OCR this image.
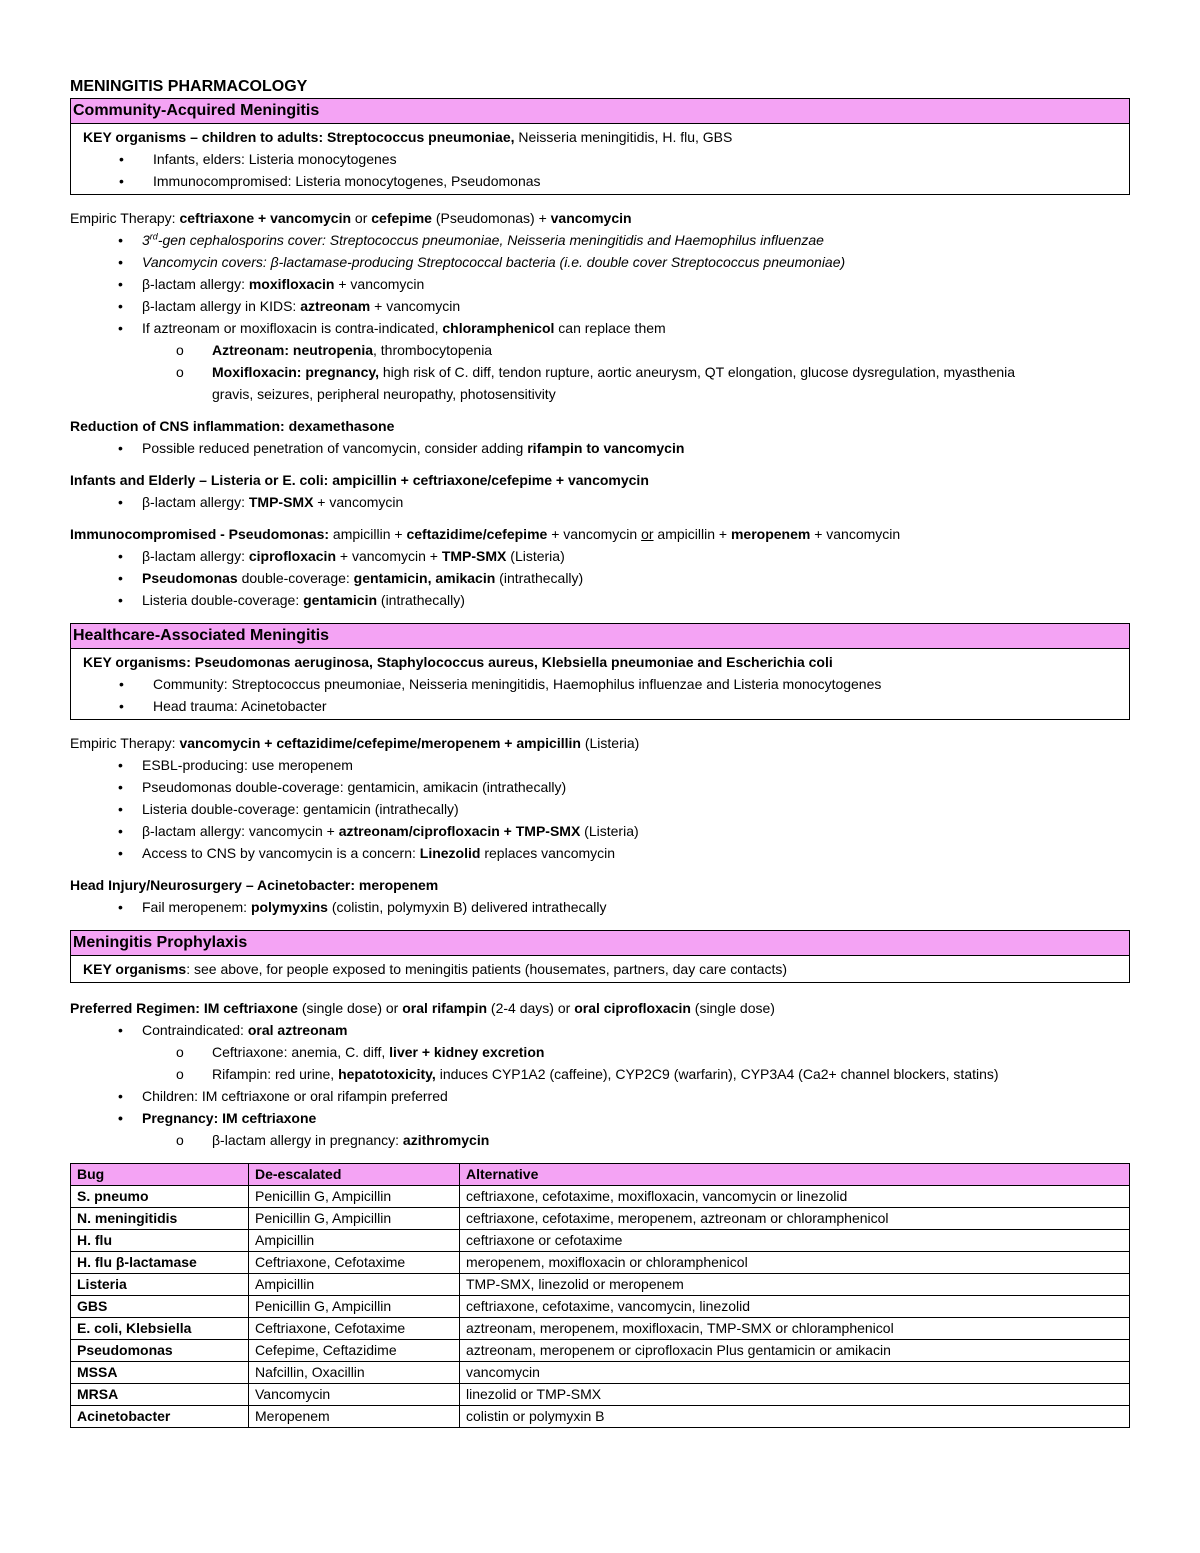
MENINGITIS PHARMACOLOGY
Community-Acquired Meningitis
KEY organisms – children to adults: Streptococcus pneumoniae, Neisseria meningitidis, H. flu, GBS
• Infants, elders: Listeria monocytogenes
• Immunocompromised: Listeria monocytogenes, Pseudomonas
Empiric Therapy: ceftriaxone + vancomycin or cefepime (Pseudomonas) + vancomycin
• 3rd-gen cephalosporins cover: Streptococcus pneumoniae, Neisseria meningitidis and Haemophilus influenzae
• Vancomycin covers: β-lactamase-producing Streptococcal bacteria (i.e. double cover Streptococcus pneumoniae)
• β-lactam allergy: moxifloxacin + vancomycin
• β-lactam allergy in KIDS: aztreonam + vancomycin
• If aztreonam or moxifloxacin is contra-indicated, chloramphenicol can replace them
o Aztreonam: neutropenia, thrombocytopenia
o Moxifloxacin: pregnancy, high risk of C. diff, tendon rupture, aortic aneurysm, QT elongation, glucose dysregulation, myasthenia gravis, seizures, peripheral neuropathy, photosensitivity
Reduction of CNS inflammation: dexamethasone
• Possible reduced penetration of vancomycin, consider adding rifampin to vancomycin
Infants and Elderly – Listeria or E. coli: ampicillin + ceftriaxone/cefepime + vancomycin
• β-lactam allergy: TMP-SMX + vancomycin
Immunocompromised - Pseudomonas: ampicillin + ceftazidime/cefepime + vancomycin or ampicillin + meropenem + vancomycin
• β-lactam allergy: ciprofloxacin + vancomycin + TMP-SMX (Listeria)
• Pseudomonas double-coverage: gentamicin, amikacin (intrathecally)
• Listeria double-coverage: gentamicin (intrathecally)
Healthcare-Associated Meningitis
KEY organisms: Pseudomonas aeruginosa, Staphylococcus aureus, Klebsiella pneumoniae and Escherichia coli
• Community: Streptococcus pneumoniae, Neisseria meningitidis, Haemophilus influenzae and Listeria monocytogenes
• Head trauma: Acinetobacter
Empiric Therapy: vancomycin + ceftazidime/cefepime/meropenem + ampicillin (Listeria)
• ESBL-producing: use meropenem
• Pseudomonas double-coverage: gentamicin, amikacin (intrathecally)
• Listeria double-coverage: gentamicin (intrathecally)
• β-lactam allergy: vancomycin + aztreonam/ciprofloxacin + TMP-SMX (Listeria)
• Access to CNS by vancomycin is a concern: Linezolid replaces vancomycin
Head Injury/Neurosurgery – Acinetobacter: meropenem
• Fail meropenem: polymyxins (colistin, polymyxin B) delivered intrathecally
Meningitis Prophylaxis
KEY organisms: see above, for people exposed to meningitis patients (housemates, partners, day care contacts)
Preferred Regimen: IM ceftriaxone (single dose) or oral rifampin (2-4 days) or oral ciprofloxacin (single dose)
• Contraindicated: oral aztreonam
o Ceftriaxone: anemia, C. diff, liver + kidney excretion
o Rifampin: red urine, hepatotoxicity, induces CYP1A2 (caffeine), CYP2C9 (warfarin), CYP3A4 (Ca2+ channel blockers, statins)
• Children: IM ceftriaxone or oral rifampin preferred
• Pregnancy: IM ceftriaxone
o β-lactam allergy in pregnancy: azithromycin
Bug	De-escalated	Alternative
S. pneumo	Penicillin G, Ampicillin	ceftriaxone, cefotaxime, moxifloxacin, vancomycin or linezolid
N. meningitidis	Penicillin G, Ampicillin	ceftriaxone, cefotaxime, meropenem, aztreonam or chloramphenicol
H. flu	Ampicillin	ceftriaxone or cefotaxime
H. flu β-lactamase	Ceftriaxone, Cefotaxime	meropenem, moxifloxacin or chloramphenicol
Listeria	Ampicillin	TMP-SMX, linezolid or meropenem
GBS	Penicillin G, Ampicillin	ceftriaxone, cefotaxime, vancomycin, linezolid
E. coli, Klebsiella	Ceftriaxone, Cefotaxime	aztreonam, meropenem, moxifloxacin, TMP-SMX or chloramphenicol
Pseudomonas	Cefepime, Ceftazidime	aztreonam, meropenem or ciprofloxacin Plus gentamicin or amikacin
MSSA	Nafcillin, Oxacillin	vancomycin
MRSA	Vancomycin	linezolid or TMP-SMX
Acinetobacter	Meropenem	colistin or polymyxin B
